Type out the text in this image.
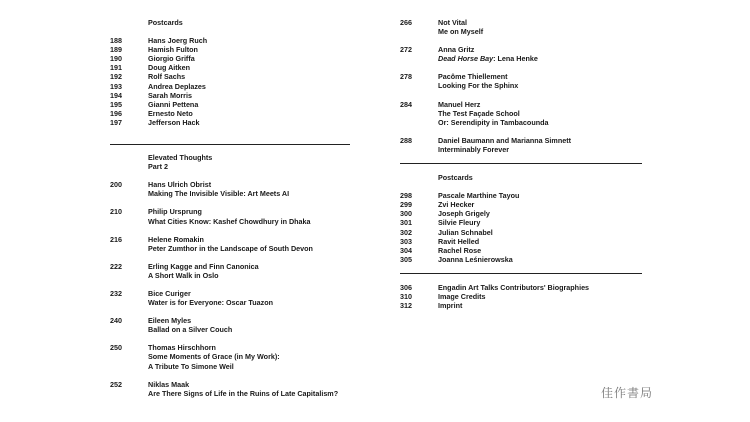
Postcards
188	Hans Joerg Ruch
189	Hamish Fulton
190	Giorgio Griffa
191	Doug Aitken
192	Rolf Sachs
193	Andrea Deplazes
194	Sarah Morris
195	Gianni Pettena
196	Ernesto Neto
197	Jefferson Hack
Elevated Thoughts
Part 2
200	Hans Ulrich Obrist
Making The Invisible Visible: Art Meets AI
210	Philip Ursprung
What Cities Know: Kashef Chowdhury in Dhaka
216	Helene Romakin
Peter Zumthor in the Landscape of South Devon
222	Erling Kagge and Finn Canonica
A Short Walk in Oslo
232	Bice Curiger
Water is for Everyone: Oscar Tuazon
240	Eileen Myles
Ballad on a Silver Couch
250	Thomas Hirschhorn
Some Moments of Grace (in My Work):
A Tribute To Simone Weil
252	Niklas Maak
Are There Signs of Life in the Ruins of Late Capitalism?
266	Not Vital
Me on Myself
272	Anna Gritz
Dead Horse Bay: Lena Henke
278	Pacôme Thiellement
Looking For the Sphinx
284	Manuel Herz
The Test Façade School
Or: Serendipity in Tambacounda
288	Daniel Baumann and Marianna Simnett
Interminably Forever
Postcards
298	Pascale Marthine Tayou
299	Zvi Hecker
300	Joseph Grigely
301	Silvie Fleury
302	Julian Schnabel
303	Ravit Helled
304	Rachel Rose
305	Joanna Leśnierowska
306	Engadin Art Talks Contributors' Biographies
310	Image Credits
312	Imprint
佳作書局
